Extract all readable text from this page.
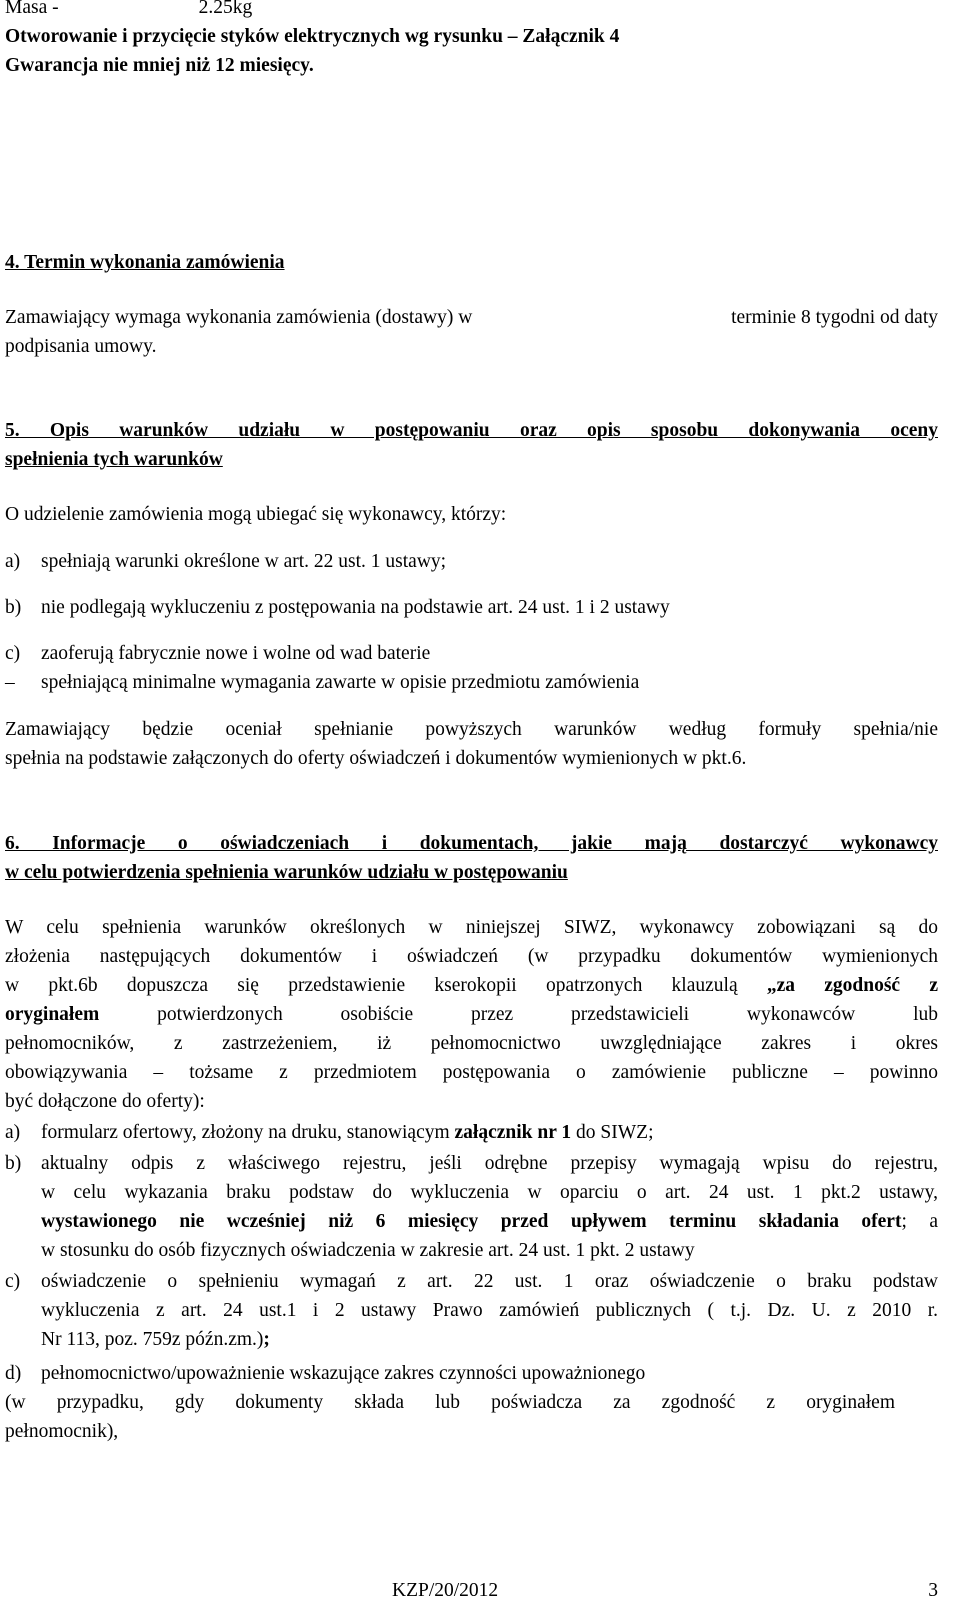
Masa -	2.25kg
Otworowanie i przycięcie styków elektrycznych wg rysunku – Załącznik 4
Gwarancja nie mniej niż 12 miesięcy.
4. Termin wykonania zamówienia
Zamawiający wymaga wykonania zamówienia (dostawy) w	terminie 8 tygodni od daty
podpisania umowy.
5. Opis warunków udziału w postępowaniu oraz opis sposobu dokonywania oceny
spełnienia tych warunków
O udzielenie zamówienia mogą ubiegać się wykonawcy, którzy:
a)	spełniają warunki określone w art. 22 ust. 1 ustawy;
b)	nie podlegają wykluczeniu z postępowania na podstawie art. 24 ust. 1 i 2 ustawy
c)	zaoferują fabrycznie nowe i wolne od wad baterie
– spełniającą minimalne wymagania zawarte w opisie przedmiotu zamówienia
Zamawiający będzie oceniał spełnianie powyższych warunków według formuły spełnia/nie
spełnia na podstawie załączonych do oferty oświadczeń i dokumentów wymienionych w pkt.6.
6. Informacje o oświadczeniach i dokumentach, jakie mają dostarczyć wykonawcy
w celu potwierdzenia spełnienia warunków udziału w postępowaniu
W celu spełnienia warunków określonych w niniejszej SIWZ, wykonawcy zobowiązani są do
złożenia następujących dokumentów i oświadczeń (w przypadku dokumentów wymienionych
w pkt.6b dopuszcza się przedstawienie kserokopii opatrzonych klauzulą „za zgodność z
oryginałem potwierdzonych osobiście przez przedstawicieli wykonawców lub
pełnomocników, z zastrzeżeniem, iż pełnomocnictwo uwzględniające zakres i okres
obowiązywania – tożsame z przedmiotem postępowania o zamówienie publiczne – powinno
być dołączone do oferty):
a)	formularz ofertowy, złożony na druku, stanowiącym załącznik nr 1 do SIWZ;
b)	aktualny odpis z właściwego rejestru, jeśli odrębne przepisy wymagają wpisu do rejestru,
w celu wykazania braku podstaw do wykluczenia w oparciu o art. 24 ust. 1 pkt.2 ustawy,
wystawionego nie wcześniej niż 6 miesięcy przed upływem terminu składania ofert; a
w stosunku do osób fizycznych oświadczenia w zakresie art. 24 ust. 1 pkt. 2 ustawy
c)	oświadczenie o spełnieniu wymagań z art. 22 ust. 1 oraz oświadczenie o braku podstaw
wykluczenia z art. 24 ust.1 i 2 ustawy Prawo zamówień publicznych ( t.j. Dz. U. z 2010 r.
Nr 113, poz. 759z późn.zm.);
d)	pełnomocnictwo/upoważnienie wskazujące zakres czynności upoważnionego
(w przypadku, gdy dokumenty składa lub poświadcza za zgodność z oryginałem
pełnomocnik),
KZP/20/2012	3
